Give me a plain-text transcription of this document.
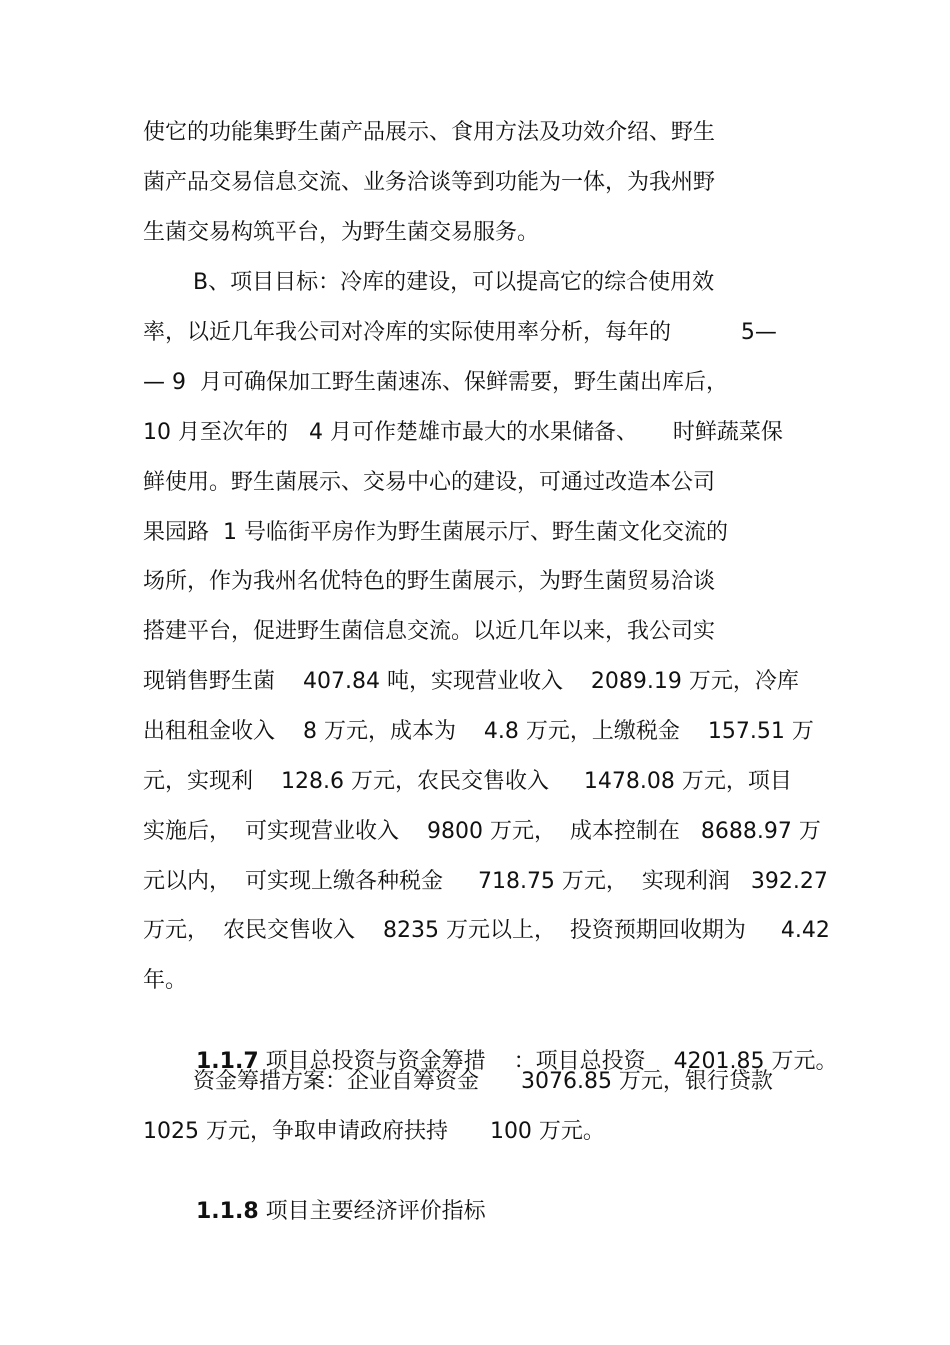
使它的功能集野生菌产品展示、食用方法及功效介绍、野生
菌产品交易信息交流、业务洽谈等到功能为一体，为我州野
生菌交易构筑平台，为野生菌交易服务。
B、项目目标：冷库的建设，可以提高它的综合使用效
率，以近几年我公司对冷库的实际使用率分析，每年的          5—
— 9  月可确保加工野生菌速冻、保鲜需要，野生菌出库后，
10 月至次年的   4 月可作楚雄市最大的水果储备、     时鲜蔬菜保
鲜使用。野生菌展示、交易中心的建设，可通过改造本公司
果园路  1 号临街平房作为野生菌展示厅、野生菌文化交流的
场所，作为我州名优特色的野生菌展示，为野生菌贸易洽谈
搭建平台，促进野生菌信息交流。以近几年以来，我公司实
现销售野生菌    407.84 吨，实现营业收入    2089.19 万元，冷库
出租租金收入    8 万元，成本为    4.8 万元，上缴税金    157.51 万
元，实现利    128.6 万元，农民交售收入     1478.08 万元，项目
实施后，  可实现营业收入    9800 万元，  成本控制在   8688.97 万
元以内，  可实现上缴各种税金     718.75 万元，  实现利润   392.27
万元，  农民交售收入    8235 万元以上，  投资预期回收期为     4.42
年。

1.1.7 项目总投资与资金筹措    ：项目总投资    4201.85 万元。

资金筹措方案：企业自筹资金      3076.85 万元，银行贷款
1025 万元，争取申请政府扶持      100 万元。

1.1.8 项目主要经济评价指标
